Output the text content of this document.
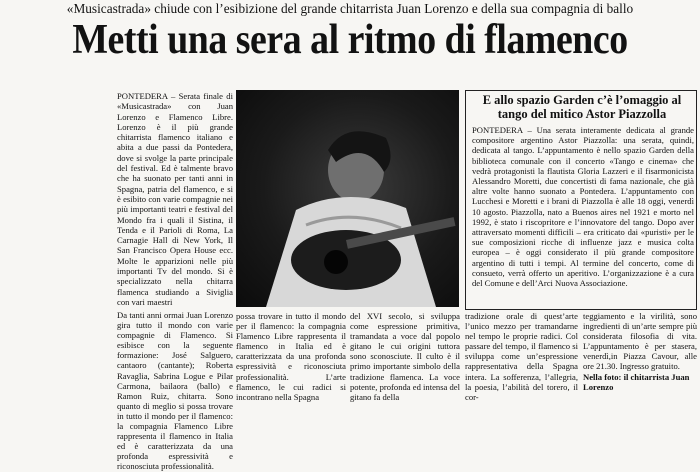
«Musicastrada» chiude con l’esibizione del grande chitarrista Juan Lorenzo e della sua compagnia di ballo
Metti una sera al ritmo di flamenco
PONTEDERA – Serata finale di «Musicastrada» con Juan Lorenzo e Flamenco Libre. Lorenzo è il più grande chitarrista flamenco italiano e abita a due passi da Pontedera, dove si svolge la parte principale del festival. Ed è talmente bravo che ha suonato per tanti anni in Spagna, patria del flamenco, e si è esibito con varie compagnie nei più importanti teatri e festival del Mondo fra i quali il Sistina, il Tenda e il Parioli di Roma, La Carnagie Hall di New York, Il San Francisco Opera House ecc. Molte le apparizioni nelle più importanti Tv del mondo. Si è specializzato nella chitarra flamenca studiando a Siviglia con vari maestri
Da tanti anni ormai Juan Lorenzo gira tutto il mondo con varie compagnie di Flamenco. Si esibisce con la seguente formazione: José Salguero, cantaoro (cantante); Roberta Ravaglia, Sabrina Logue e Pilar Carmona, bailaora (ballo) e Ramon Ruiz, chitarra. Sono quanto di meglio si possa trovare in tutto il mondo per il flamenco: la compagnia Flamenco Libre rappresenta il flamenco in Italia ed è caratterizzata da una profonda espressività e riconosciuta professionalità.
E allo spazio Garden c’è l’omaggio al tango del mitico Astor Piazzolla
PONTEDERA – Una serata interamente dedicata al grande compositore argentino Astor Piazzolla: una serata, quindi, dedicata al tango. L’appuntamento è nello spazio Garden della biblioteca comunale con il concerto «Tango e cinema» che vedrà protagonisti la flautista Gloria Lazzeri e il fisarmonicista Alessandro Moretti, due concertisti di fama nazionale, che già altre volte hanno suonato a Pontedera. L’appuntamento con Lucchesi e Moretti e i brani di Piazzolla è alle 18 oggi, venerdì 10 agosto. Piazzolla, nato a Buenos aires nel 1921 e morto nel 1992, è stato i riscopritore e l’innovatore del tango. Dopo aver attraversato momenti difficili – era criticato dai «puristi» per le sue composizioni ricche di influenze jazz e musica colta europea – è oggi considerato il più grande compositore argentino di tutti i tempi. Al termine del concerto, come di consueto, verrà offerto un aperitivo. L’organizzazione è a cura del Comune e dell’Arci Nuova Associazione.
possa trovare in tutto il mondo per il flamenco: la compagnia Flamenco Libre rappresenta il flamenco in Italia ed è caratterizzata da una profonda espressività e riconosciuta professionalità. L’arte flamenco, le cui radici si incontrano nella Spagna
del XVI secolo, si sviluppa come espressione primitiva, tramandata a voce dal popolo gitano le cui origini tuttora sono sconosciute. Il culto è il primo importante simbolo della tradizione flamenca. La voce potente, profonda ed intensa del gitano fa della
tradizione orale di quest’arte l’unico mezzo per tramandarne nel tempo le proprie radici. Col passare del tempo, il flamenco si sviluppa come un’espressione rappresentativa della Spagna intera. La sofferenza, l’allegria, la poesia, l’abilità del torero, il cor-
teggiamento e la virilità, sono ingredienti di un’arte sempre più considerata filosofia di vita. L’appuntamento è per stasera, venerdì,in Piazza Cavour, alle ore 21.30. Ingresso gratuito.
Nella foto: il chitarrista Juan Lorenzo
